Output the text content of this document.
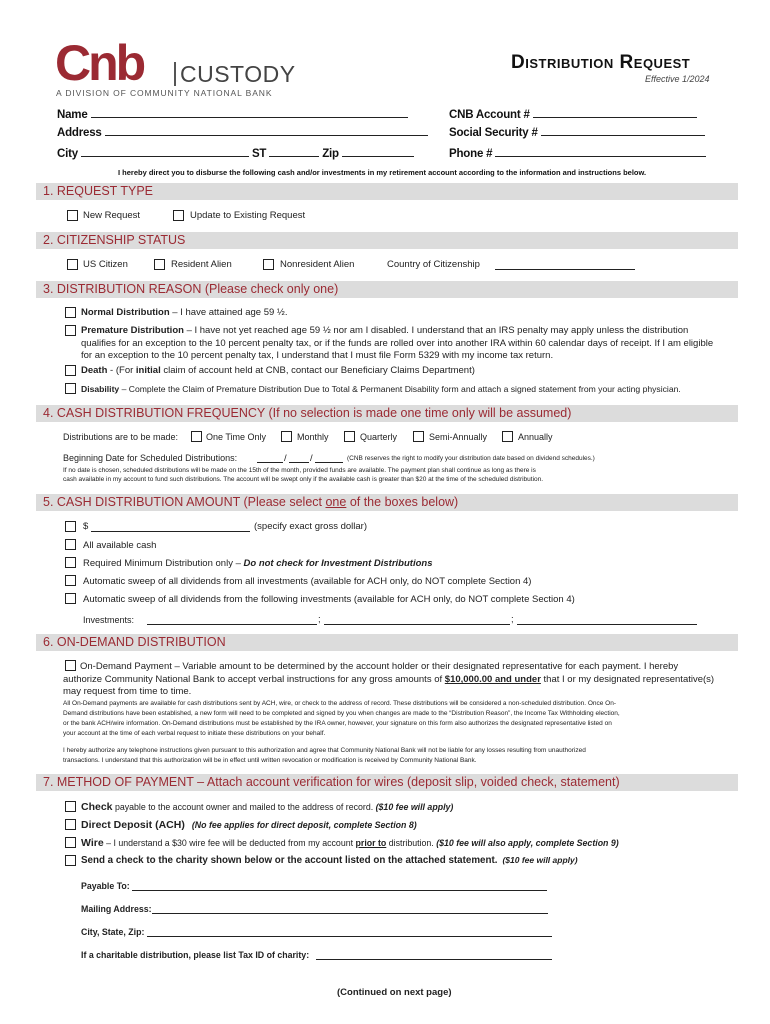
Cnb CUSTODY
A DIVISION OF COMMUNITY NATIONAL BANK
Distribution Request
Effective 1/2024
Name
Address
City	ST	Zip
CNB Account #
Social Security #
Phone #
I hereby direct you to disburse the following cash and/or investments in my retirement account according to the information and instructions below.
1. REQUEST TYPE
New Request	Update to Existing Request
2. CITIZENSHIP STATUS
US Citizen	Resident Alien	Nonresident Alien	Country of Citizenship
3. DISTRIBUTION REASON (Please check only one)
Normal Distribution – I have attained age 59 ½.
Premature Distribution – I have not yet reached age 59 ½ nor am I disabled. I understand that an IRS penalty may apply unless the distribution
qualifies for an exception to the 10 percent penalty tax, or if the funds are rolled over into another IRA within 60 calendar days of receipt. If I am eligible
for an exception to the 10 percent penalty tax, I understand that I must file Form 5329 with my income tax return.
Death - (For initial claim of account held at CNB, contact our Beneficiary Claims Department)
Disability – Complete the Claim of Premature Distribution Due to Total & Permanent Disability form and attach a signed statement from your acting physician.
4. CASH DISTRIBUTION FREQUENCY (If no selection is made one time only will be assumed)
Distributions are to be made:	One Time Only	Monthly	Quarterly	Semi-Annually	Annually
Beginning Date for Scheduled Distributions:	/ /	(CNB reserves the right to modify your distribution date based on dividend schedules.)
If no date is chosen, scheduled distributions will be made on the 15th of the month, provided funds are available. The payment plan shall continue as long as there is
cash available in my account to fund such distributions. The account will be swept only if the available cash is greater than $20 at the time of the scheduled distribution.
5. CASH DISTRIBUTION AMOUNT (Please select one of the boxes below)
$	(specify exact gross dollar)
All available cash
Required Minimum Distribution only – Do not check for Investment Distributions
Automatic sweep of all dividends from all investments (available for ACH only, do NOT complete Section 4)
Automatic sweep of all dividends from the following investments (available for ACH only, do NOT complete Section 4)
Investments:	;	;
6. ON-DEMAND DISTRIBUTION
On-Demand Payment – Variable amount to be determined by the account holder or their designated representative for each payment. I hereby
authorize Community National Bank to accept verbal instructions for any gross amounts of $10,000.00 and under that I or my designated representative(s)
may request from time to time.
All On-Demand payments are available for cash distributions sent by ACH, wire, or check to the address of record. These distributions will be considered a non-scheduled distribution. Once On-
Demand distributions have been established, a new form will need to be completed and signed by you when changes are made to the “Distribution Reason”, the Income Tax Withholding election,
or the bank ACH/wire information. On-Demand distributions must be established by the IRA owner, however, your signature on this form also authorizes the designated representative listed on
your account at the time of each verbal request to initiate these distributions on your behalf.
I hereby authorize any telephone instructions given pursuant to this authorization and agree that Community National Bank will not be liable for any losses resulting from unauthorized
transactions. I understand that this authorization will be in effect until written revocation or modification is received by Community National Bank.
7. METHOD OF PAYMENT – Attach account verification for wires (deposit slip, voided check, statement)
Check payable to the account owner and mailed to the address of record. ($10 fee will apply)
Direct Deposit (ACH) (No fee applies for direct deposit, complete Section 8)
Wire – I understand a $30 wire fee will be deducted from my account prior to distribution. ($10 fee will also apply, complete Section 9)
Send a check to the charity shown below or the account listed on the attached statement. ($10 fee will apply)
Payable To:
Mailing Address:
City, State, Zip:
If a charitable distribution, please list Tax ID of charity:
(Continued on next page)
